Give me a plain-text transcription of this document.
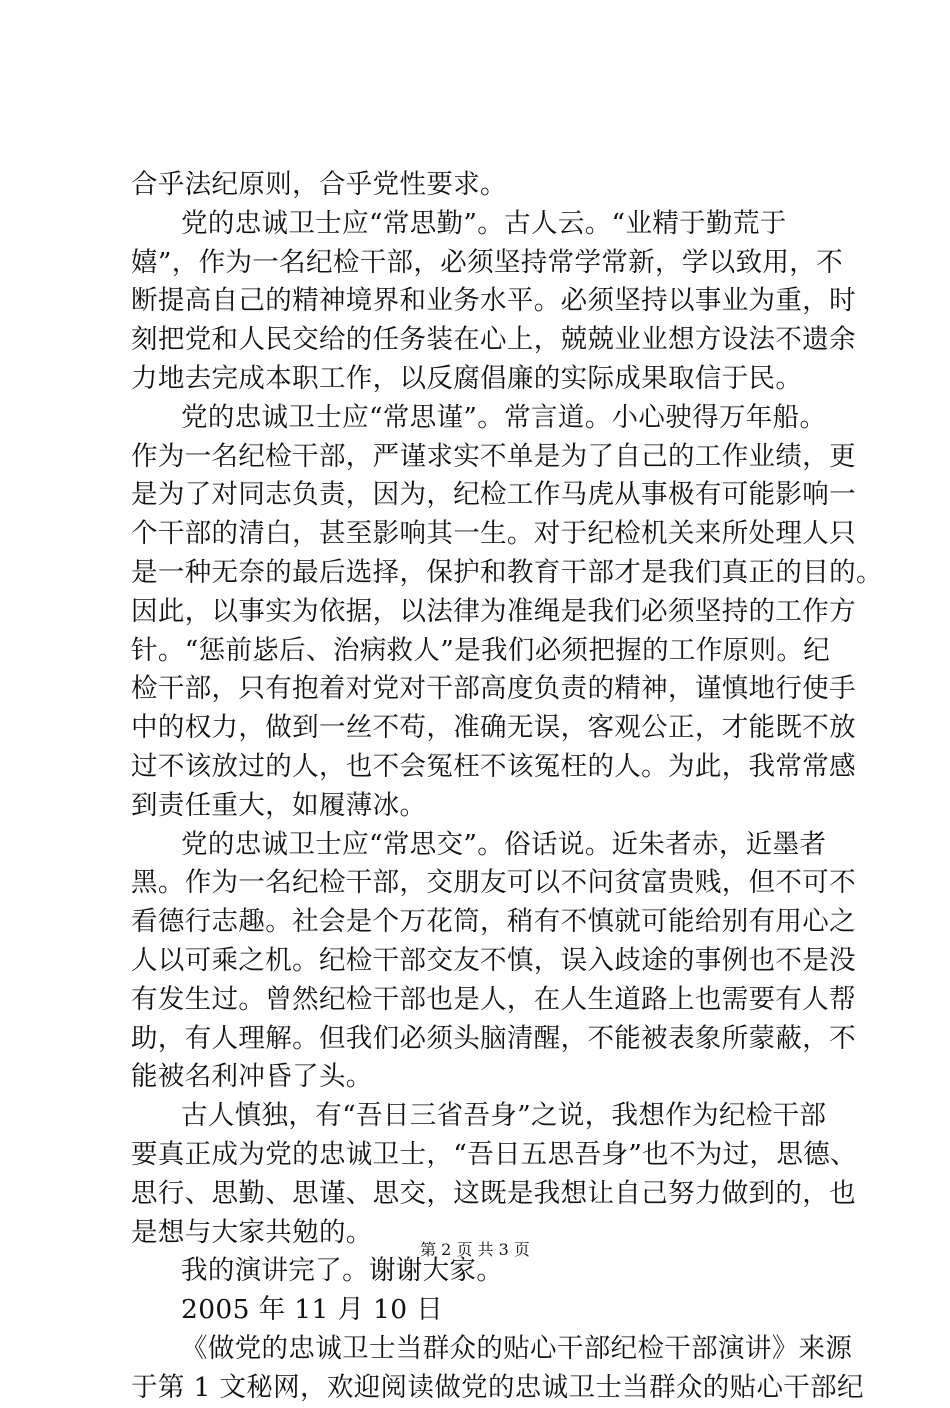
合乎法纪原则，合乎党性要求。
党的忠诚卫士应“常思勤”。古人云。“业精于勤荒于
嬉”，作为一名纪检干部，必须坚持常学常新，学以致用，不
断提高自己的精神境界和业务水平。必须坚持以事业为重，时
刻把党和人民交给的任务装在心上，兢兢业业想方设法不遗余
力地去完成本职工作，以反腐倡廉的实际成果取信于民。
党的忠诚卫士应“常思谨”。常言道。小心驶得万年船。
作为一名纪检干部，严谨求实不单是为了自己的工作业绩，更
是为了对同志负责，因为，纪检工作马虎从事极有可能影响一
个干部的清白，甚至影响其一生。对于纪检机关来所处理人只
是一种无奈的最后选择，保护和教育干部才是我们真正的目的。
因此，以事实为依据，以法律为准绳是我们必须坚持的工作方
针。“惩前毖后、治病救人”是我们必须把握的工作原则。纪
检干部，只有抱着对党对干部高度负责的精神，谨慎地行使手
中的权力，做到一丝不苟，准确无误，客观公正，才能既不放
过不该放过的人，也不会冤枉不该冤枉的人。为此，我常常感
到责任重大，如履薄冰。
党的忠诚卫士应“常思交”。俗话说。近朱者赤，近墨者
黑。作为一名纪检干部，交朋友可以不问贫富贵贱，但不可不
看德行志趣。社会是个万花筒，稍有不慎就可能给别有用心之
人以可乘之机。纪检干部交友不慎，误入歧途的事例也不是没
有发生过。曾然纪检干部也是人，在人生道路上也需要有人帮
助，有人理解。但我们必须头脑清醒，不能被表象所蒙蔽，不
能被名利冲昏了头。
古人慎独，有“吾日三省吾身”之说，我想作为纪检干部
要真正成为党的忠诚卫士，“吾日五思吾身”也不为过，思德、
思行、思勤、思谨、思交，这既是我想让自己努力做到的，也
是想与大家共勉的。
我的演讲完了。谢谢大家。
2005 年 11 月 10 日
《做党的忠诚卫士当群众的贴心干部纪检干部演讲》来源
于第 1 文秘网，欢迎阅读做党的忠诚卫士当群众的贴心干部纪
第 2 页 共 3 页
